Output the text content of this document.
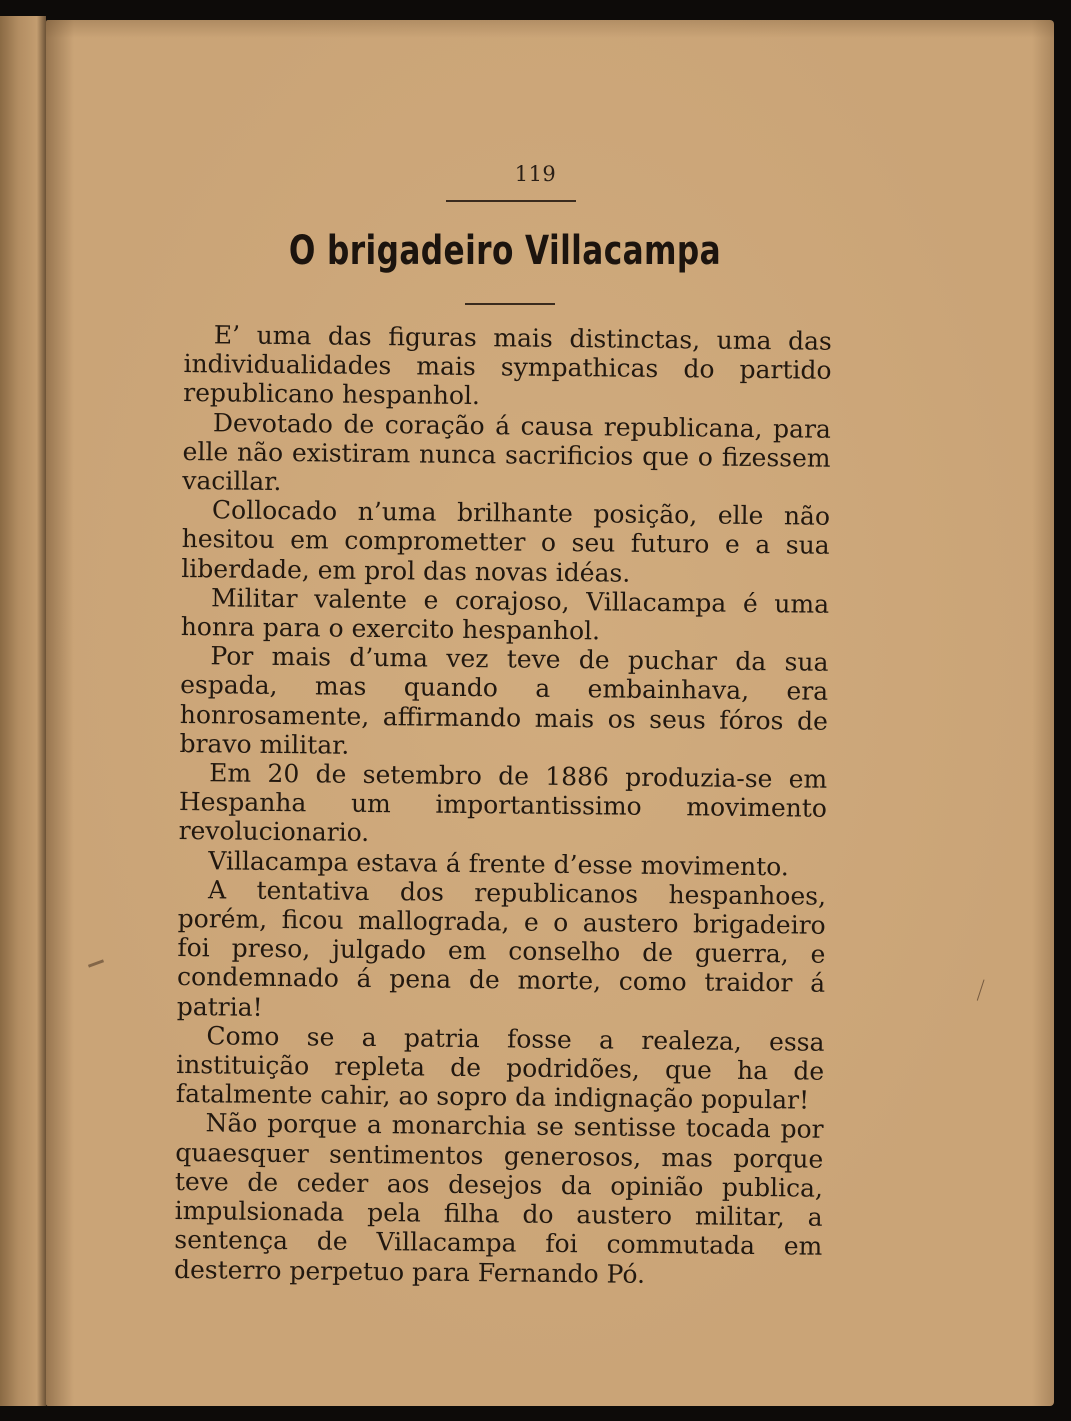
119
O brigadeiro Villacampa

E’ uma das figuras mais distinctas, uma das individualidades mais sympathicas do partido republicano hespanhol.

Devotado de coração á causa republicana, para elle não existiram nunca sacrificios que o fizessem vacillar.

Collocado n’uma brilhante posição, elle não hesitou em comprometter o seu futuro e a sua liberdade, em prol das novas idéas.

Militar valente e corajoso, Villacampa é uma honra para o exercito hespanhol.

Por mais d’uma vez teve de puchar da sua espada, mas quando a embainhava, era honrosamente, affirmando mais os seus fóros de bravo militar.

Em 20 de setembro de 1886 produzia-se em Hespanha um importantissimo movimento revolucionario.

Villacampa estava á frente d’esse movimento.

A tentativa dos republicanos hespanhoes, porém, ficou mallograda, e o austero brigadeiro foi preso, julgado em conselho de guerra, e condemnado á pena de morte, como traidor á patria!

Como se a patria fosse a realeza, essa instituição repleta de podridões, que ha de fatalmente cahir, ao sopro da indignação popular!

Não porque a monarchia se sentisse tocada por quaesquer sentimentos generosos, mas porque teve de ceder aos desejos da opinião publica, impulsionada pela filha do austero militar, a sentença de Villacampa foi commutada em desterro perpetuo para Fernando Pó.
